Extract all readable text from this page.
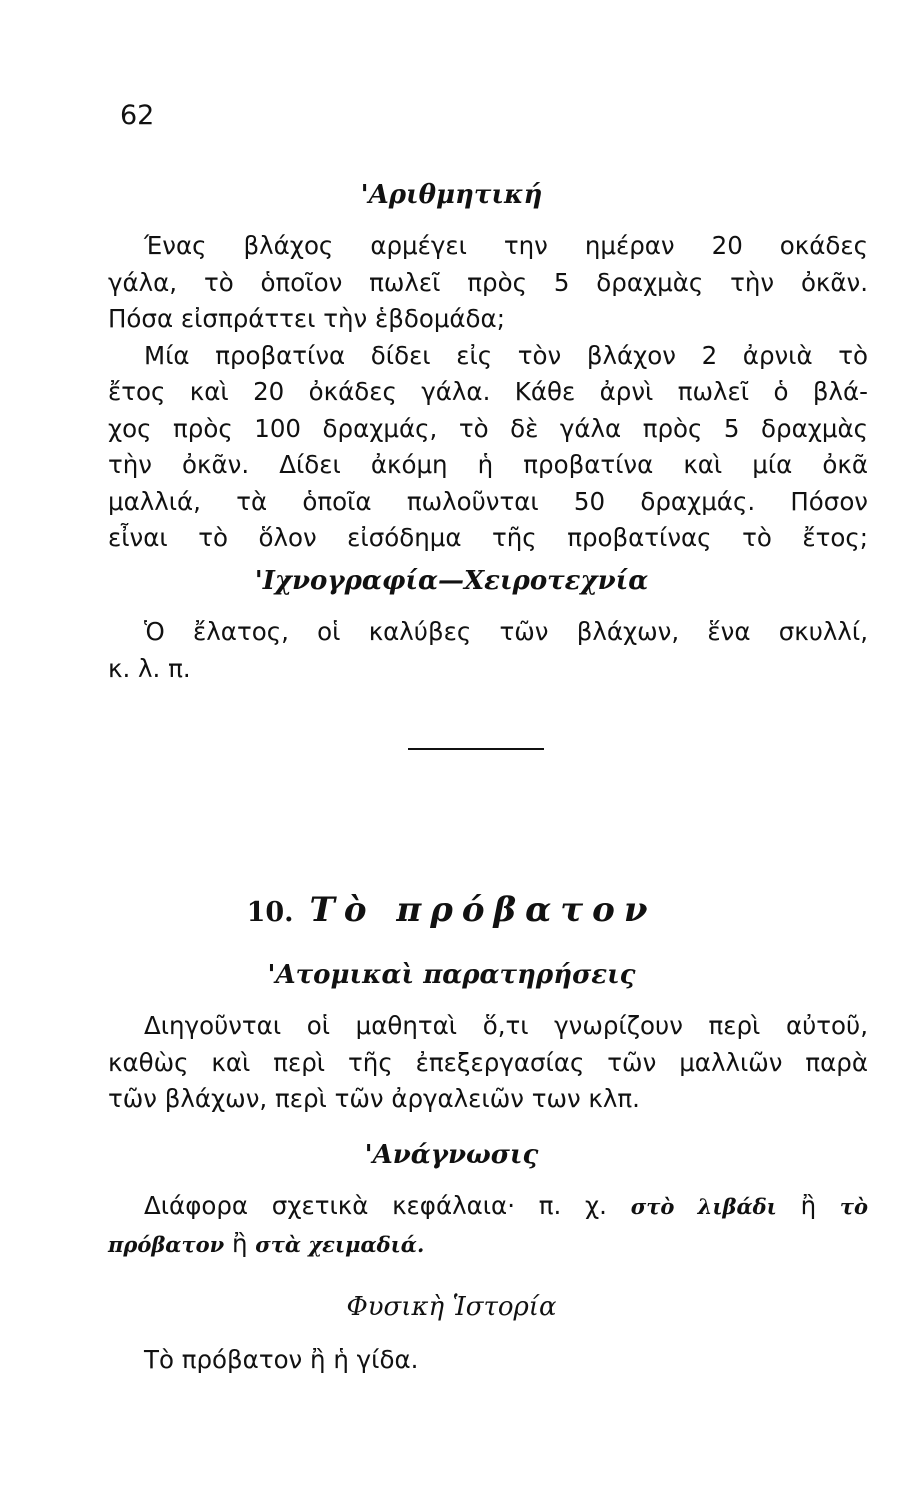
62
'Αριθμητική
Ένας βλάχος αρμέγει την ημέραν 20 οκάδες
γάλα, τὸ ὁποῖον πωλεῖ πρὸς 5 δραχμὰς τὴν ὀκᾶν.
Πόσα εἰσπράττει τὴν ἑβδομάδα;
Μία προβατίνα δίδει εἰς τὸν βλάχον 2 ἀρνιὰ τὸ
ἔτος καὶ 20 ὀκάδες γάλα. Κάθε ἀρνὶ πωλεῖ ὁ βλά-
χος πρὸς 100 δραχμάς, τὸ δὲ γάλα πρὸς 5 δραχμὰς
τὴν ὀκᾶν. Δίδει ἀκόμη ἡ προβατίνα καὶ μία ὀκᾶ
μαλλιά, τὰ ὁποῖα πωλοῦνται 50 δραχμάς. Πόσον
εἶναι τὸ ὅλον εἰσόδημα τῆς προβατίνας τὸ ἔτος;
'Ιχνογραφία—Χειροτεχνία
Ὁ ἔλατος, οἱ καλύβες τῶν βλάχων, ἕνα σκυλλί,
κ. λ. π.
10. Τὸ πρόβατον
'Ατομικαὶ παρατηρήσεις
Διηγοῦνται οἱ μαθηταὶ ὅ,τι γνωρίζουν περὶ αὐτοῦ,
καθὼς καὶ περὶ τῆς ἐπεξεργασίας τῶν μαλλιῶν παρὰ
τῶν βλάχων, περὶ τῶν ἀργαλειῶν των κλπ.
'Ανάγνωσις
Διάφορα σχετικὰ κεφάλαια· π. χ. στὸ λιβάδι ἢ τὸ
πρόβατον ἢ στὰ χειμαδιά.
Φυσικὴ Ἱστορία
Τὸ πρόβατον ἢ ἡ γίδα.
